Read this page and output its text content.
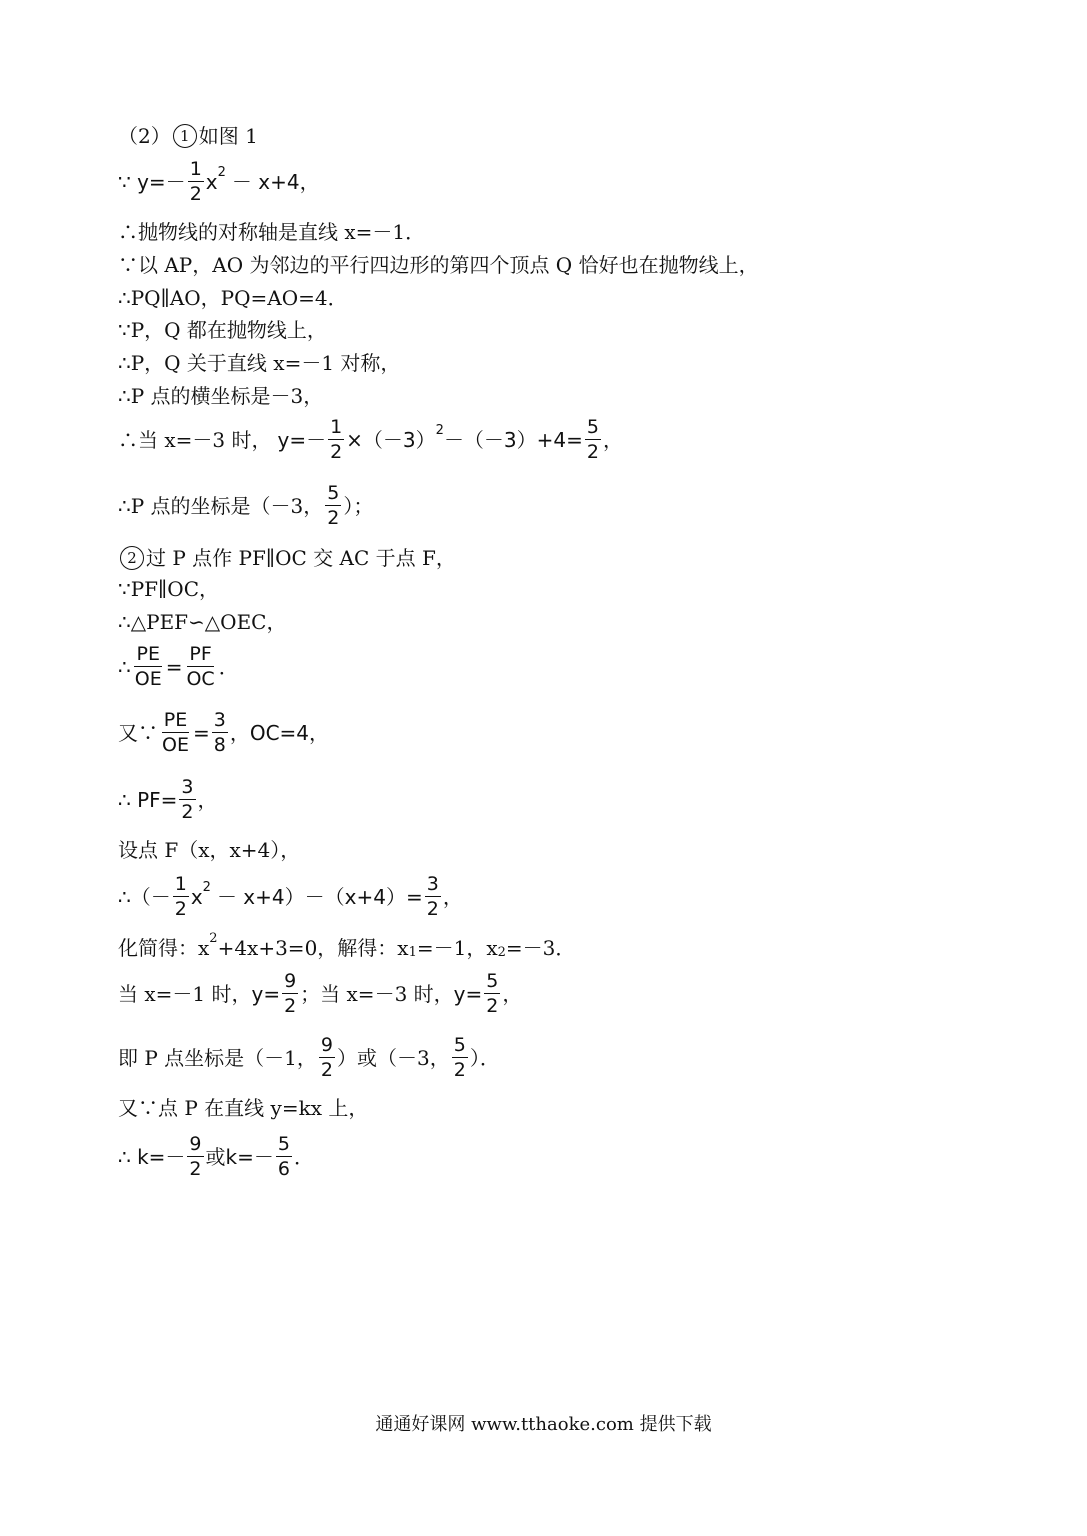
（2） 1 如图 1
∵ $y=- \frac{1}{2} x^2 - x+4$，
∴抛物线的对称轴是直线 x=－1．
∵以 AP，AO 为邻边的平行四边形的第四个顶点 Q 恰好也在抛物线上，
∴PQ∥AO，PQ=AO=4．
∵P，Q 都在抛物线上，
∴P，Q 关于直线 x=－1 对称，
∴P 点的横坐标是－3，
∴当 x=－3 时， $y=- \frac{1}{2} \times(-3)^2 -(-3)+4= \frac{5}{2}$ ，
∴P 点的坐标是（－3， $\frac{5}{2}$ ）；
2 过 P 点作 PF∥OC 交 AC 于点 F，
∵PF∥OC，
∴△PEF∽△OEC，
∴ $\frac{PE}{OE} = \frac{PF}{OC}$ ．
又∵ $\frac{PE}{OE} = \frac{3}{8}$ ，OC=4，
∴ $PF= \frac{3}{2}$ ，
设点 F（x，x+4），
∴（－ $\frac{1}{2} x^2 - x+4)-(x+4)= \frac{3}{2}$ ，
化简得：$x^2 +4x+3=0$，解得：$x_1 =-1$，$x_2 =-3$．
当 x=－1 时， $y= \frac{9}{2}$ ；当 x=－3 时， $y= \frac{5}{2}$ ，
即 P 点坐标是（－1， $\frac{9}{2}$ ）或（－3， $\frac{5}{2}$ ）．
又∵点 P 在直线 y=kx 上，
∴ $k=- \frac{9}{2}$ 或$k=- \frac{5}{6}$ ．
通通好课网 www.tthaoke.com 提供下载
